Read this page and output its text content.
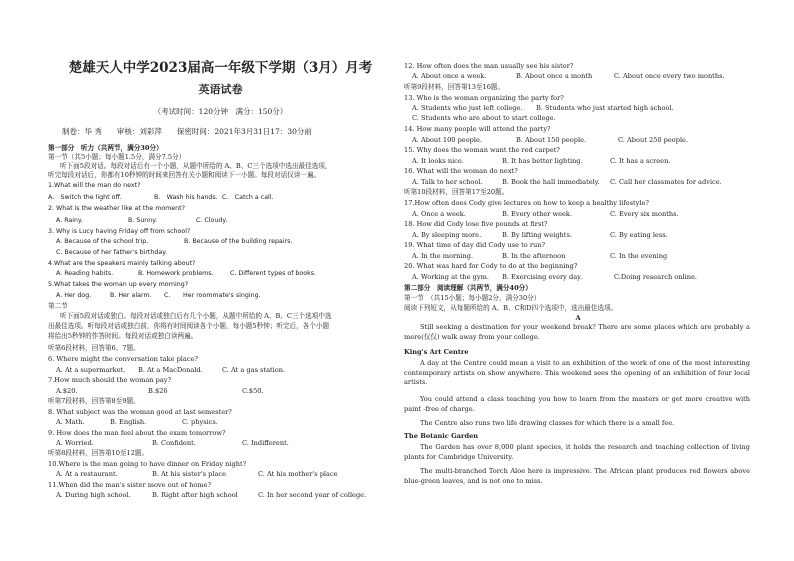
楚雄天人中学2023届高一年级下学期（3月）月考
英语试卷
（考试时间：120分钟　满分：150分）
制卷：华 秀　　审核：刘彩萍　　保密时间：2021年3月31日17：30分前
第一部分　听力（共两节，满分30分）
第一节（共5小题；每小题1.5分，满分7.5分）
听下面5段对话。每段对话后有一个小题，从题中所给的 A、B、C三个选项中选出最佳选项，
听完每段对话后，你都有10秒钟的时间来回答有关小题和阅读下一小题。每段对话仅读一遍。
1.What will the man do next?
A.　Switch the light off.	B.　Wash his hands. C.　Catch a call.
2. What is the weather like at the moment?
A. Rainy.	B. Sunny.	C. Cloudy.
3. Why is Lucy having Friday off from school?
A. Because of the school trip.	B. Because of the building repairs.
C. Because of her father's birthday.
4.What are the speakers mainly talking about?
A. Reading habits.	B. Homework problems.	C. Different types of books.
5.What takes the woman up every morning?
A. Her dog.	B. Her alarm. C.　　Her roommate's singing.
第二节
听下面5段对话或独白。每段对话或独白后有几个小题，从题中所给的 A、B、C三个选项中选
出最佳选项。听每段对话或独白前，你将有时间阅读各个小题，每小题5秒钟；听完后，各个小题
将给出5秒钟的作答时间。每段对话或独白读两遍。
听第6段材料，回答第6、7题。
6. Where might the conversation take place?
A. At a supermarket. B. At a MacDonald.	C. At a gas station.
7.How much should the woman pay?
A.$20.	B.$26	C.$50.
听第7段材料，回答第8至9题。
8. What subject was the woman good at last semester?
A. Math.	B. English.	C. physics.
9. How does the man feel about the exam tomorrow?
A. Worried.	B. Confident.	C. Indifferent.
听第8段材料，回答第10至12题。
10.Where is the man going to have dinner on Friday night?
A. At a restaurant.	B. At his sister's place	C. At his mother's place
11.When did the man's sister move out of home?
A. During high school.	B. Right after high school	C. In her second year of college.
12. How often does the man usually see his sister?
A. About once a week.	B. About once a month	C. About once every two months.
听第9段材料，回答第13至16题。
13. Who is the woman organizing the party for?
A. Students who just left college. B. Students who just started high school.
C. Students who are about to start college.
14. How many people will attend the party?
A. About 100 people.	B. About 150 people.	C. About 250 people.
15. Why does the woman want the red carpet?
A. It looks nice.	B. It has better lighting.	C. It has a screen.
16. What will the woman do next?
A. Talk to her school.	B. Book the hall immediately. C. Call her classmates for advice.
听第10段材料，回答第17至20题。
17.How often does Cody give lectures on how to keep a healthy lifestyle?
A. Once a week.	B. Every other week.	C. Every six months.
18. How did Cody lose five pounds at first?
A. By sleeping more.	B. By lifting weights.	C. By eating less.
19. What time of day did Cody use to run?
A. In the morning.	B. In the afternoon	C. In the evening
20. What was hard for Cody to do at the beginning?
A. Working at the gym. B. Exercising every day.	C.Doing research online.
第二部分　阅读理解（共两节，满分40分）
第一节　（共15小题；每小题2分，满分30分）
阅读下列短文，从每题所给的 A、B、C和D四个选项中，选出最佳选项。
A
Still seeking a destination for your weekend break? There are some places which are probably a mere(仅仅) walk away from your college.
King's Art Centre
A day at the Centre could mean a visit to an exhibition of the work of one of the most interesting contemporary artists on show anywhere. This weekend sees the opening of an exhibition of four local artists.
You could attend a class teaching you how to learn from the masters or get more creative with paint -free of charge.
The Centre also runs two life drawing classes for which there is a small fee.
The Botanic Garden
The Garden has over 8,000 plant species, it holds the research and teaching collection of living plants for Cambridge University.
The multi-branched Torch Aloe here is impressive. The African plant produces red flowers above blue-green leaves, and is not one to miss.
